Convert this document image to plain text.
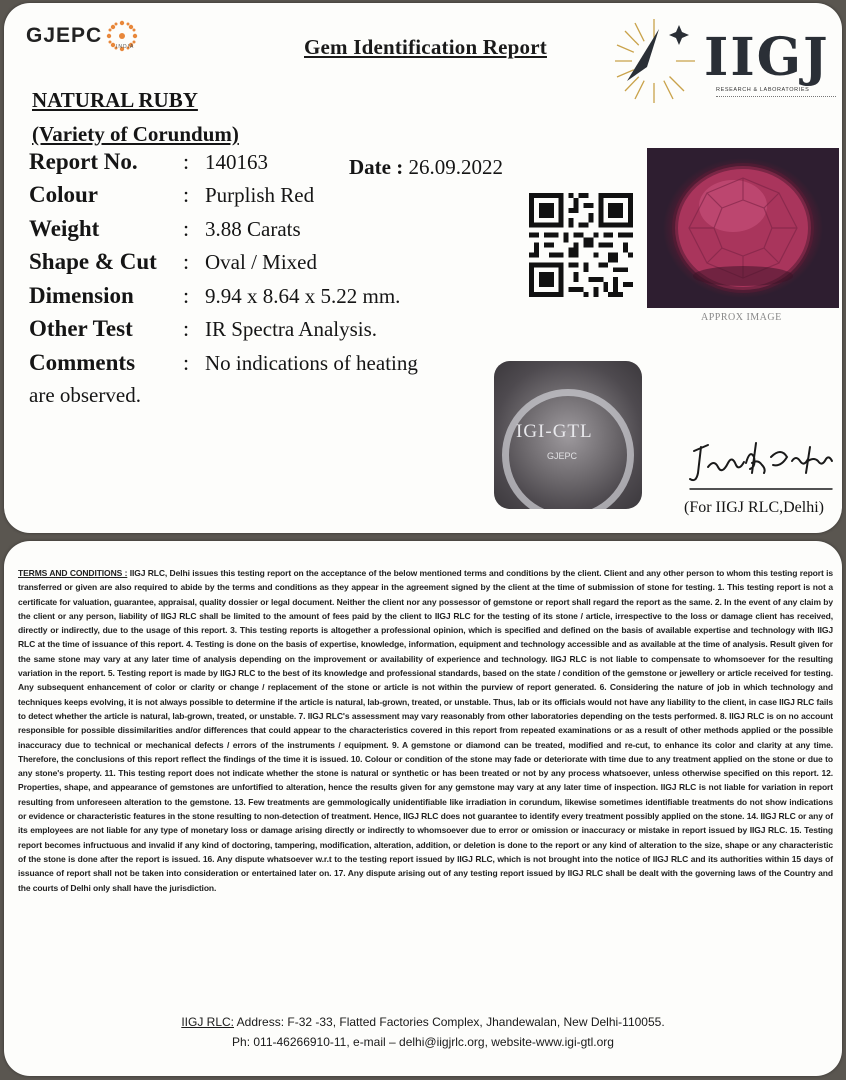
GJEPC	INDIA	Gem Identification Report	IIGJ
RESEARCH & LABORATORIES
NATURAL RUBY
(Variety of Corundum)
Report No.	: 140163	Date : 26.09.2022
Colour	: Purplish Red
Weight	: 3.88 Carats
Shape & Cut	: Oval / Mixed
Dimension	: 9.94 x 8.64 x 5.22 mm.
Other Test	: IR Spectra Analysis.
Comments	: No indications of heating
are observed.
APPROX IMAGE
IGI-GTL
GJEPC
(For IIGJ RLC,Delhi)
TERMS AND CONDITIONS : IIGJ RLC, Delhi issues this testing report on the acceptance of the below mentioned terms and conditions by the client. Client and any other person to whom this testing report is transferred or given are also required to abide by the terms and conditions as they appear in the agreement signed by the client at the time of submission of stone for testing. 1. This testing report is not a certificate for valuation, guarantee, appraisal, quality dossier or legal document. Neither the client nor any possessor of gemstone or report shall regard the report as the same. 2. In the event of any claim by the client or any person, liability of IIGJ RLC shall be limited to the amount of fees paid by the client to IIGJ RLC for the testing of its stone / article, irrespective to the loss or damage client has received, directly or indirectly, due to the usage of this report. 3. This testing reports is altogether a professional opinion, which is specified and defined on the basis of available expertise and technology with IIGJ RLC at the time of issuance of this report. 4. Testing is done on the basis of expertise, knowledge, information, equipment and technology accessible and as available at the time of analysis. Result given for the same stone may vary at any later time of analysis depending on the improvement or availability of experience and technology. IIGJ RLC is not liable to compensate to whomsoever for the resulting variation in the report. 5. Testing report is made by IIGJ RLC to the best of its knowledge and professional standards, based on the state / condition of the gemstone or jewellery or article received for testing. Any subsequent enhancement of color or clarity or change / replacement of the stone or article is not within the purview of report generated. 6. Considering the nature of job in which technology and techniques keeps evolving, it is not always possible to determine if the article is natural, lab-grown, treated, or unstable. Thus, lab or its officials would not have any liability to the client, in case IIGJ RLC fails to detect whether the article is natural, lab-grown, treated, or unstable. 7. IIGJ RLC's assessment may vary reasonably from other laboratories depending on the tests performed. 8. IIGJ RLC is on no account responsible for possible dissimilarities and/or differences that could appear to the characteristics covered in this report from repeated examinations or as a result of other methods applied or the possible inaccuracy due to technical or mechanical defects / errors of the instruments / equipment. 9. A gemstone or diamond can be treated, modified and re-cut, to enhance its color and clarity at any time. Therefore, the conclusions of this report reflect the findings of the time it is issued. 10. Colour or condition of the stone may fade or deteriorate with time due to any treatment applied on the stone or due to any stone's property. 11. This testing report does not indicate whether the stone is natural or synthetic or has been treated or not by any process whatsoever, unless otherwise specified on this report. 12. Properties, shape, and appearance of gemstones are unfortified to alteration, hence the results given for any gemstone may vary at any later time of inspection. IIGJ RLC is not liable for variation in report resulting from unforeseen alteration to the gemstone. 13. Few treatments are gemmologically unidentifiable like irradiation in corundum, likewise sometimes identifiable treatments do not show indications or evidence or characteristic features in the stone resulting to non-detection of treatment. Hence, IIGJ RLC does not guarantee to identify every treatment possibly applied on the stone. 14. IIGJ RLC or any of its employees are not liable for any type of monetary loss or damage arising directly or indirectly to whomsoever due to error or omission or inaccuracy or mistake in report issued by IIGJ RLC. 15. Testing report becomes infructuous and invalid if any kind of doctoring, tampering, modification, alteration, addition, or deletion is done to the report or any kind of alteration to the size, shape or any characteristic of the stone is done after the report is issued. 16. Any dispute whatsoever w.r.t to the testing report issued by IIGJ RLC, which is not brought into the notice of IIGJ RLC and its authorities within 15 days of issuance of report shall not be taken into consideration or entertained later on. 17. Any dispute arising out of any testing report issued by IIGJ RLC shall be dealt with the governing laws of the Country and the courts of Delhi only shall have the jurisdiction.
IIGJ RLC: Address: F-32 -33, Flatted Factories Complex, Jhandewalan, New Delhi-110055.
Ph: 011-46266910-11, e-mail – delhi@iigjrlc.org, website-www.igi-gtl.org
